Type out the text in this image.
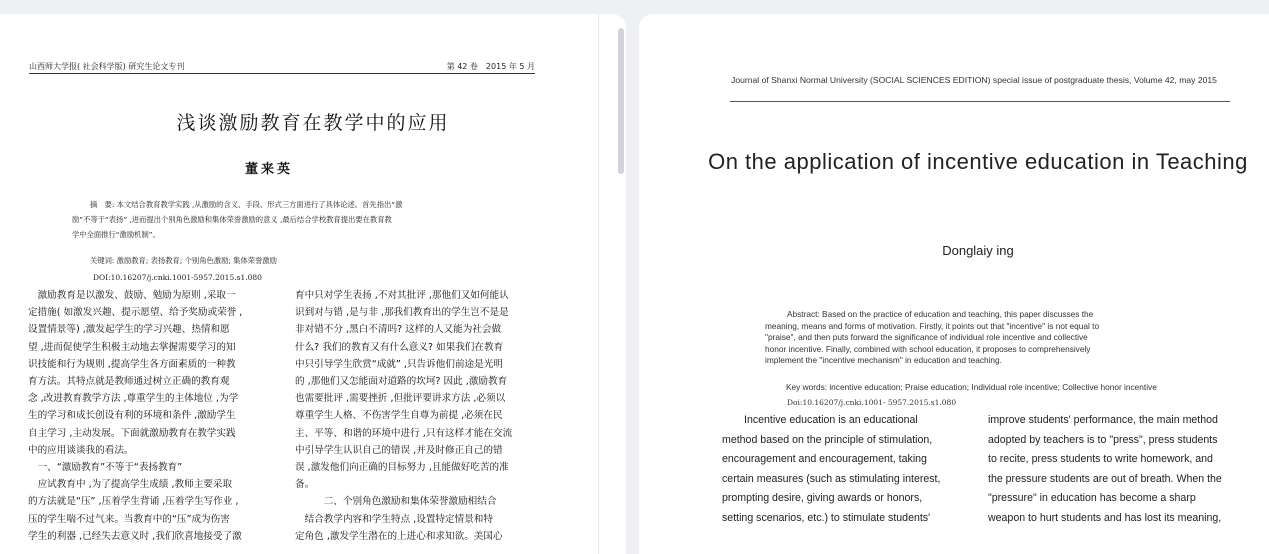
山西师大学报( 社会科学版) 研究生论文专刊	第 42 卷　2015 年 5 月
浅谈激励教育在教学中的应用
董来英
摘　要: 本文结合教育教学实践 ,从激励的含义、手段、形式三方面进行了具体论述。首先指出“激
励”不等于“表扬” ,进而提出个别角色激励和集体荣誉激励的意义 ,最后结合学校教育提出要在教育教
学中全面推行“激励机制”。
关键词: 激励教育; 表扬教育; 个别角色激励; 集体荣誉激励
DOI:10.16207/j.cnki.1001-5957.2015.s1.080
　激励教育是以激发、鼓励、勉励为原则 ,采取一
定措施( 如激发兴趣、提示愿望、给予奖励或荣誉 ,
设置情景等) ,激发起学生的学习兴趣、热情和愿
望 ,进而促使学生积极主动地去掌握需要学习的知
识技能和行为规则 ,提高学生各方面素质的一种教
育方法。其特点就是教师通过树立正确的教育观
念 ,改进教育教学方法 ,尊重学生的主体地位 ,为学
生的学习和成长创设有利的环境和条件 ,激励学生
自主学习 ,主动发展。下面就激励教育在教学实践
中的应用谈谈我的看法。
　一、“激励教育”不等于“表扬教育”
　应试教育中 ,为了提高学生成绩 ,教师主要采取
的方法就是“压” ,压着学生背诵 ,压着学生写作业 ,
压的学生喘不过气来。当教育中的“压”成为伤害
学生的利器 ,已经失去意义时 ,我们欣喜地接受了激
育中只对学生表扬 ,不对其批评 ,那他们又如何能认
识到对与错 ,是与非 ,那我们教育出的学生岂不是是
非对错不分 ,黑白不清吗? 这样的人又能为社会做
什么? 我们的教育又有什么意义? 如果我们在教育
中只引导学生欣赏“成就” ,只告诉他们前途是光明
的 ,那他们又怎能面对道路的坎坷? 因此 ,激励教育
也需要批评 ,需要挫折 ,但批评要讲求方法 ,必须以
尊重学生人格、不伤害学生自尊为前提 ,必须在民
主、平等、和谐的环境中进行 ,只有这样才能在交流
中引导学生认识自己的错误 ,并及时修正自己的错
误 ,激发他们向正确的目标努力 ,且能做好吃苦的准
备。
　　　二、个别角色激励和集体荣誉激励相结合
　结合教学内容和学生特点 ,设置特定情景和特
定角色 ,激发学生潜在的上进心和求知欲。美国心
Journal of Shanxi Normal University (SOCIAL SCIENCES EDITION) special issue of postgraduate thesis, Volume 42, may 2015
On the application of incentive education in Teaching
Donglaiy ing
Abstract: Based on the practice of education and teaching, this paper discusses the
meaning, means and forms of motivation. Firstly, it points out that "incentive" is not equal to
"praise", and then puts forward the significance of individual role incentive and collective
honor incentive. Finally, combined with school education, it proposes to comprehensively
implement the "incentive mechanism" in education and teaching.
Key words: incentive education; Praise education; Individual role incentive; Collective honor incentive
Doi:10.16207/j.cnki.1001- 5957.2015.s1.080
Incentive education is an educational
method based on the principle of stimulation,
encouragement and encouragement, taking
certain measures (such as stimulating interest,
prompting desire, giving awards or honors,
setting scenarios, etc.) to stimulate students'
improve students' performance, the main method
adopted by teachers is to "press", press students
to recite, press students to write homework, and
the pressure students are out of breath. When the
"pressure" in education has become a sharp
weapon to hurt students and has lost its meaning,
